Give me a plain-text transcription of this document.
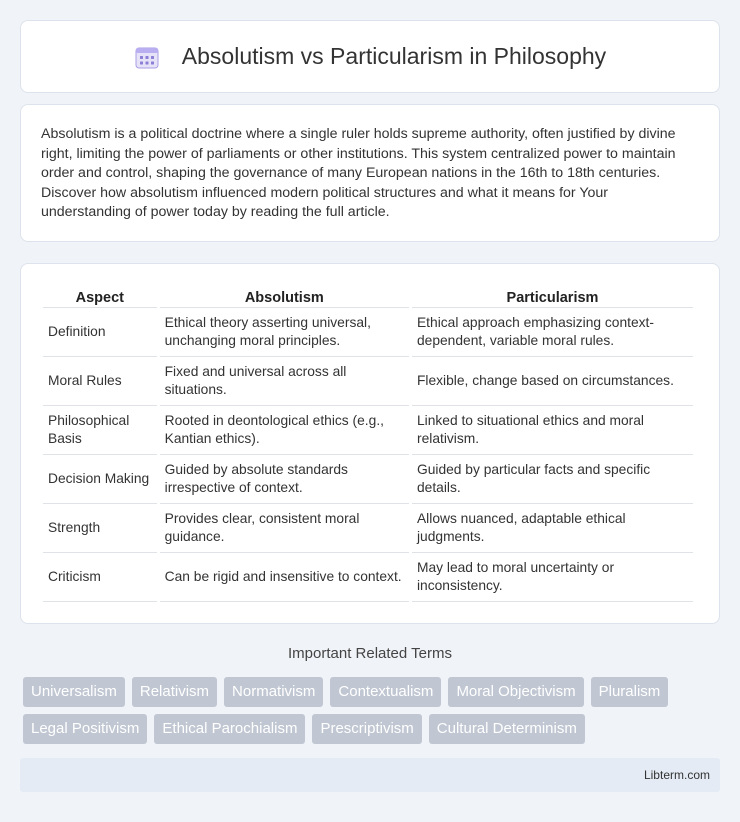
Absolutism vs Particularism in Philosophy

Absolutism is a political doctrine where a single ruler holds supreme authority, often justified by divine right, limiting the power of parliaments or other institutions. This system centralized power to maintain order and control, shaping the governance of many European nations in the 16th to 18th centuries. Discover how absolutism influenced modern political structures and what it means for Your understanding of power today by reading the full article.

Aspect	Absolutism	Particularism
Definition	Ethical theory asserting universal, unchanging moral principles.	Ethical approach emphasizing context-dependent, variable moral rules.
Moral Rules	Fixed and universal across all situations.	Flexible, change based on circumstances.
Philosophical Basis	Rooted in deontological ethics (e.g., Kantian ethics).	Linked to situational ethics and moral relativism.
Decision Making	Guided by absolute standards irrespective of context.	Guided by particular facts and specific details.
Strength	Provides clear, consistent moral guidance.	Allows nuanced, adaptable ethical judgments.
Criticism	Can be rigid and insensitive to context.	May lead to moral uncertainty or inconsistency.
Important Related Terms
Universalism	Relativism	Normativism	Contextualism	Moral Objectivism	Pluralism
Legal Positivism	Ethical Parochialism	Prescriptivism	Cultural Determinism
Libterm.com
